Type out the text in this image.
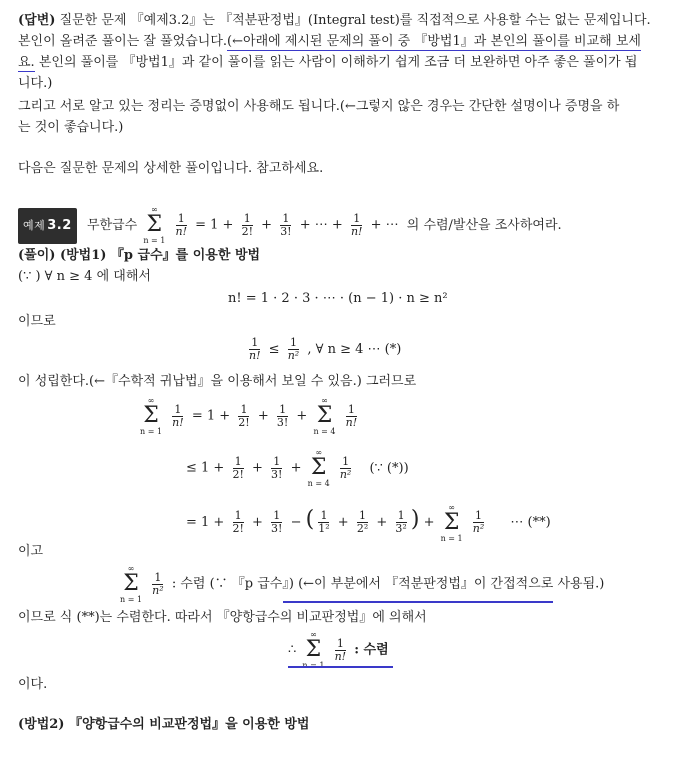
(답변) 질문한 문제 『예제3.2』는 『적분판정법』(Integral test)를 직접적으로 사용할 수는 없는 문제입니다.
본인이 올려준 풀이는 잘 풀었습니다.(←아래에 제시된 문제의 풀이 중 『방법1』과 본인의 풀이를 비교해 보세
요. 본인의 풀이를 『방법1』과 같이 풀이를 읽는 사람이 이해하기 쉽게 조금 더 보완하면 아주 좋은 풀이가 됩
니다.)
그리고 서로 알고 있는 정리는 증명없이 사용해도 됩니다.(←그렇지 않은 경우는 간단한 설명이나 증명을 하
는 것이 좋습니다.)
다음은 질문한 문제의 상세한 풀이입니다. 참고하세요.
예제 3.2 무한급수
∞
Σ
n = 1

$\frac{1}{n!} = 1 + \frac{1}{2!} + \frac{1}{3!}$ + ⋯ + $\frac{1}{n!}$ + ⋯ 의 수렴/발산을 조사하여라.
(풀이) (방법1) 『p 급수』를 이용한 방법
(∵ ) ∀ n ≥ 4 에 대해서
n! = 1 · 2 · 3 · ⋯ · (n − 1) · n ≥ n²
이므로
$\frac{1}{n!} \le \frac{1}{\text{n²}}$ , ∀ n ≥ 4 ⋯ (*)
이 성립한다.(←『수학적 귀납법』을 이용해서 보일 수 있음.) 그러므로
∞
Σ
n = 1

$\frac{1}{n!} = 1 + \frac{1}{2!} + \frac{1}{3!}$ +
∞
Σ
n = 4

$\frac{1}{n!}$
≤ $1 + \frac{1}{2!} + \frac{1}{3!}$ +
∞
Σ
n = 4

$\frac{1}{\text{n²}}$ (∵ (*))
= $1 + \frac{1}{2!} + \frac{1}{3!}$ − ( $\frac{1}{\text{1²}} + \frac{1}{\text{2²}} + \frac{1}{\text{3²}}$ ) +
∞
Σ
n = 1

$\frac{1}{\text{n²}}$ ⋯ (**)
이고
∞
Σ
n = 1

$\frac{1}{\text{n²}}$ : 수렴 (∵ 『p 급수』) (←이 부분에서 『적분판정법』이 간접적으로 사용됨.)
이므로 식 (**)는 수렴한다. 따라서 『양항급수의 비교판정법』에 의해서
∴
∞
Σ
$\frac{1}{n!}$ : 수렴
이다.
(방법2) 『양항급수의 비교판정법』을 이용한 방법
